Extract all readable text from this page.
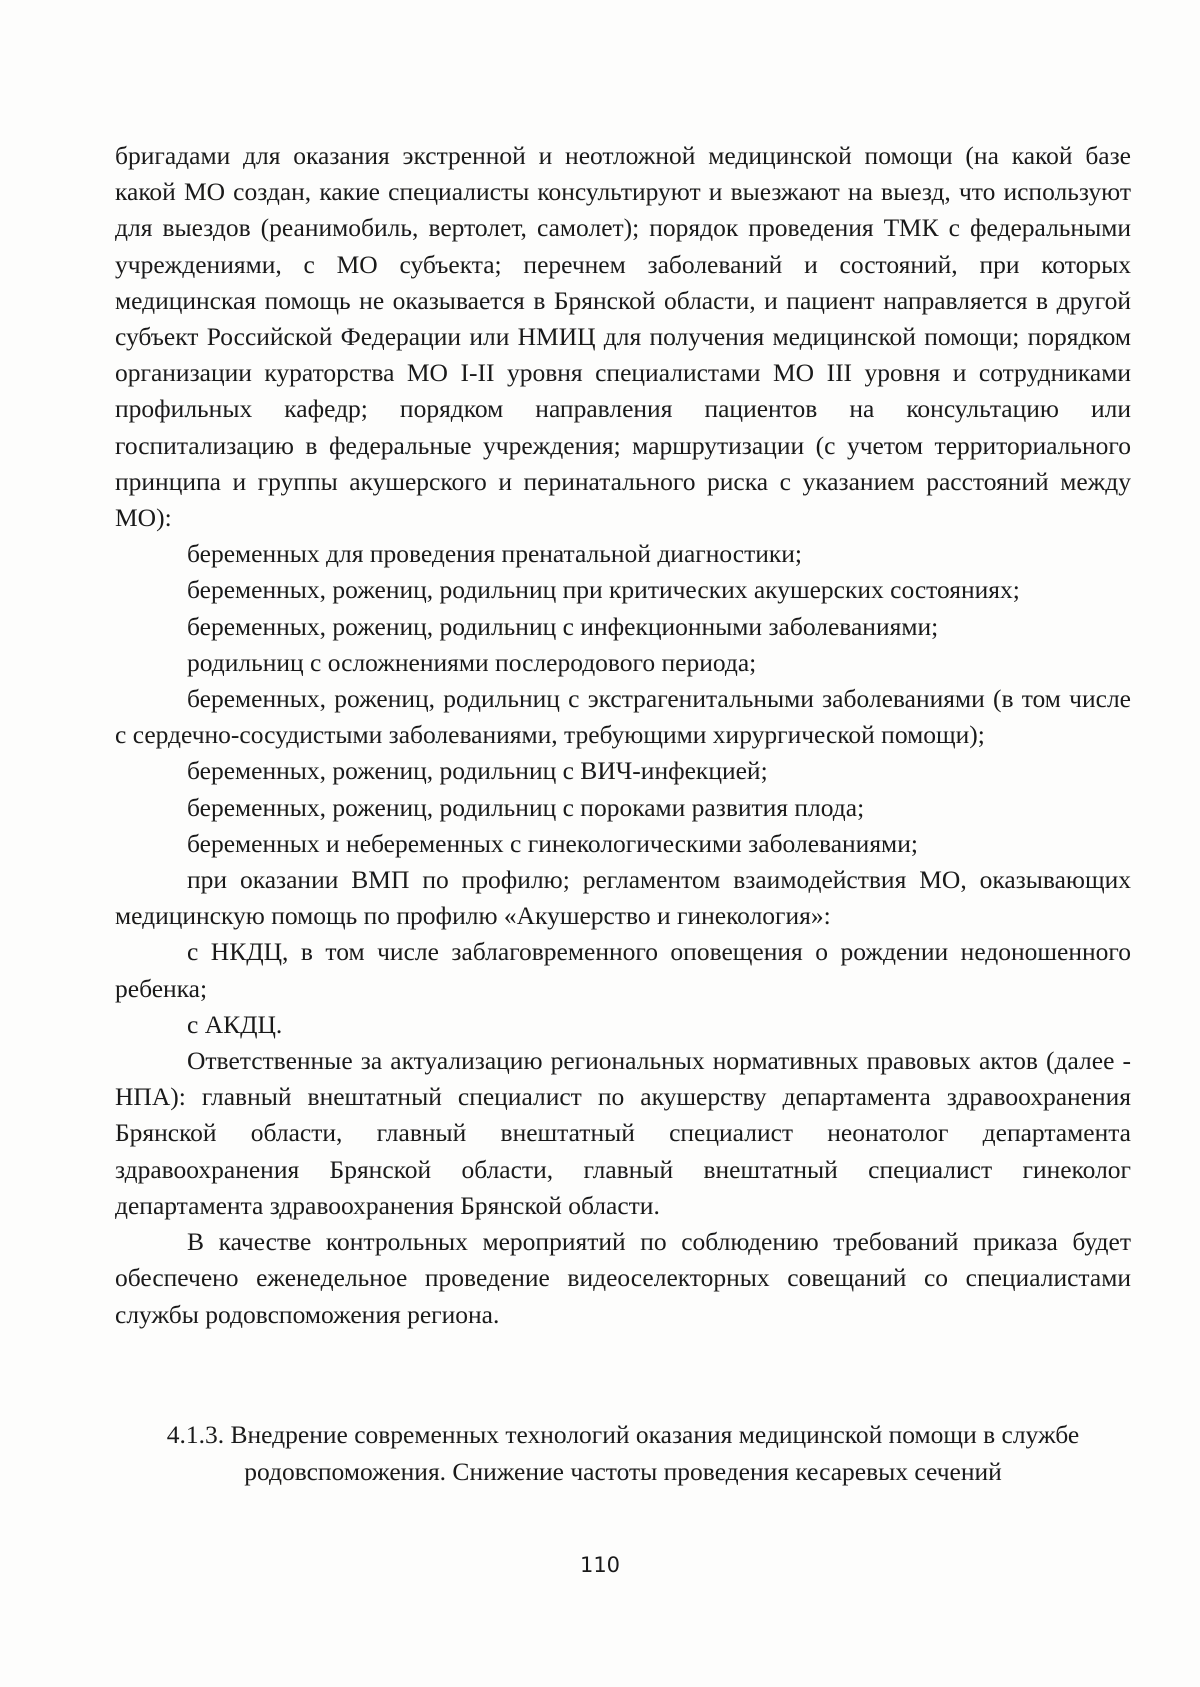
бригадами для оказания экстренной и неотложной медицинской помощи (на какой базе какой МО создан, какие специалисты консультируют и выезжают на выезд, что используют для выездов (реанимобиль, вертолет, самолет); порядок проведения ТМК с федеральными учреждениями, с МО субъекта; перечнем заболеваний и состояний, при которых медицинская помощь не оказывается в Брянской области, и пациент направляется в другой субъект Российской Федерации или НМИЦ для получения медицинской помощи; порядком организации кураторства МО I-II уровня специалистами МО III уровня и сотрудниками профильных кафедр; порядком направления пациентов на консультацию или госпитализацию в федеральные учреждения; маршрутизации (с учетом территориального принципа и группы акушерского и перинатального риска с указанием расстояний между МО):

беременных для проведения пренатальной диагностики;

беременных, рожениц, родильниц при критических акушерских состояниях;

беременных, рожениц, родильниц с инфекционными заболеваниями;

родильниц с осложнениями послеродового периода;

беременных, рожениц, родильниц с экстрагенитальными заболеваниями (в том числе с сердечно-сосудистыми заболеваниями, требующими хирургической помощи);

беременных, рожениц, родильниц с ВИЧ-инфекцией;

беременных, рожениц, родильниц с пороками развития плода;

беременных и небеременных с гинекологическими заболеваниями;

при оказании ВМП по профилю; регламентом взаимодействия МО, оказывающих медицинскую помощь по профилю «Акушерство и гинекология»:

с НКДЦ, в том числе заблаговременного оповещения о рождении недоношенного ребенка;

с АКДЦ.

Ответственные за актуализацию региональных нормативных правовых актов (далее - НПА): главный внештатный специалист по акушерству департамента здравоохранения Брянской области, главный внештатный специалист неонатолог департамента здравоохранения Брянской области, главный внештатный специалист гинеколог департамента здравоохранения Брянской области.

В качестве контрольных мероприятий по соблюдению требований приказа будет обеспечено еженедельное проведение видеоселекторных совещаний со специалистами службы родовспоможения региона.

4.1.3. Внедрение современных технологий оказания медицинской помощи в службе

родовспоможения. Снижение частоты проведения кесаревых сечений

110
